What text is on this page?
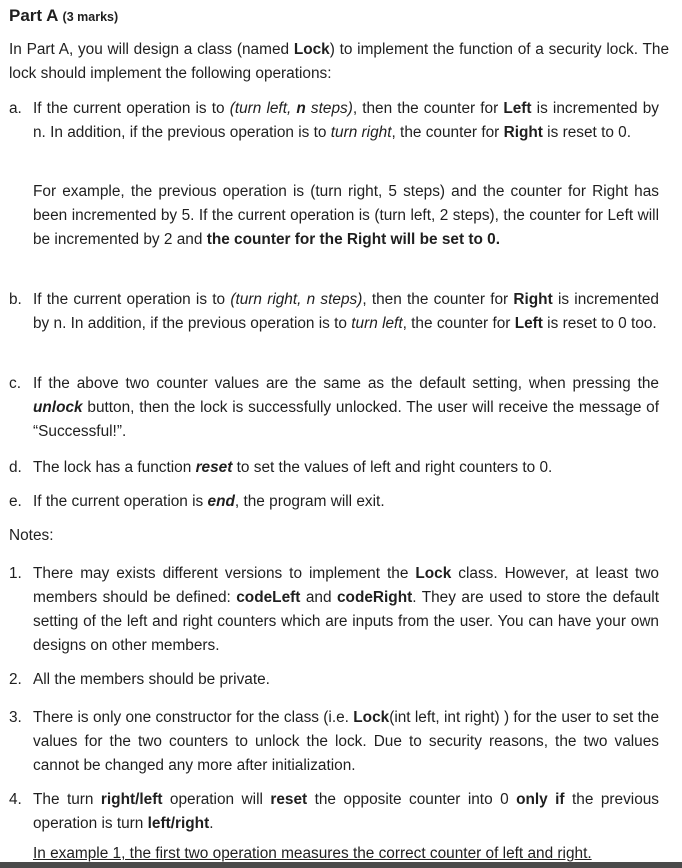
Part A (3 marks)
In Part A, you will design a class (named Lock) to implement the function of a security lock. The lock should implement the following operations:
a. If the current operation is to (turn left, n steps), then the counter for Left is incremented by n. In addition, if the previous operation is to turn right, the counter for Right is reset to 0.
For example, the previous operation is (turn right, 5 steps) and the counter for Right has been incremented by 5. If the current operation is (turn left, 2 steps), the counter for Left will be incremented by 2 and the counter for the Right will be set to 0.
b. If the current operation is to (turn right, n steps), then the counter for Right is incremented by n. In addition, if the previous operation is to turn left, the counter for Left is reset to 0 too.
c. If the above two counter values are the same as the default setting, when pressing the unlock button, then the lock is successfully unlocked. The user will receive the message of “Successful!”.
d. The lock has a function reset to set the values of left and right counters to 0.
e. If the current operation is end, the program will exit.
Notes:
1. There may exists different versions to implement the Lock class. However, at least two members should be defined: codeLeft and codeRight. They are used to store the default setting of the left and right counters which are inputs from the user. You can have your own designs on other members.
2. All the members should be private.
3. There is only one constructor for the class (i.e. Lock(int left, int right) ) for the user to set the values for the two counters to unlock the lock. Due to security reasons, the two values cannot be changed any more after initialization.
4. The turn right/left operation will reset the opposite counter into 0 only if the previous operation is turn left/right.
In example 1, the first two operation measures the correct counter of left and right.
